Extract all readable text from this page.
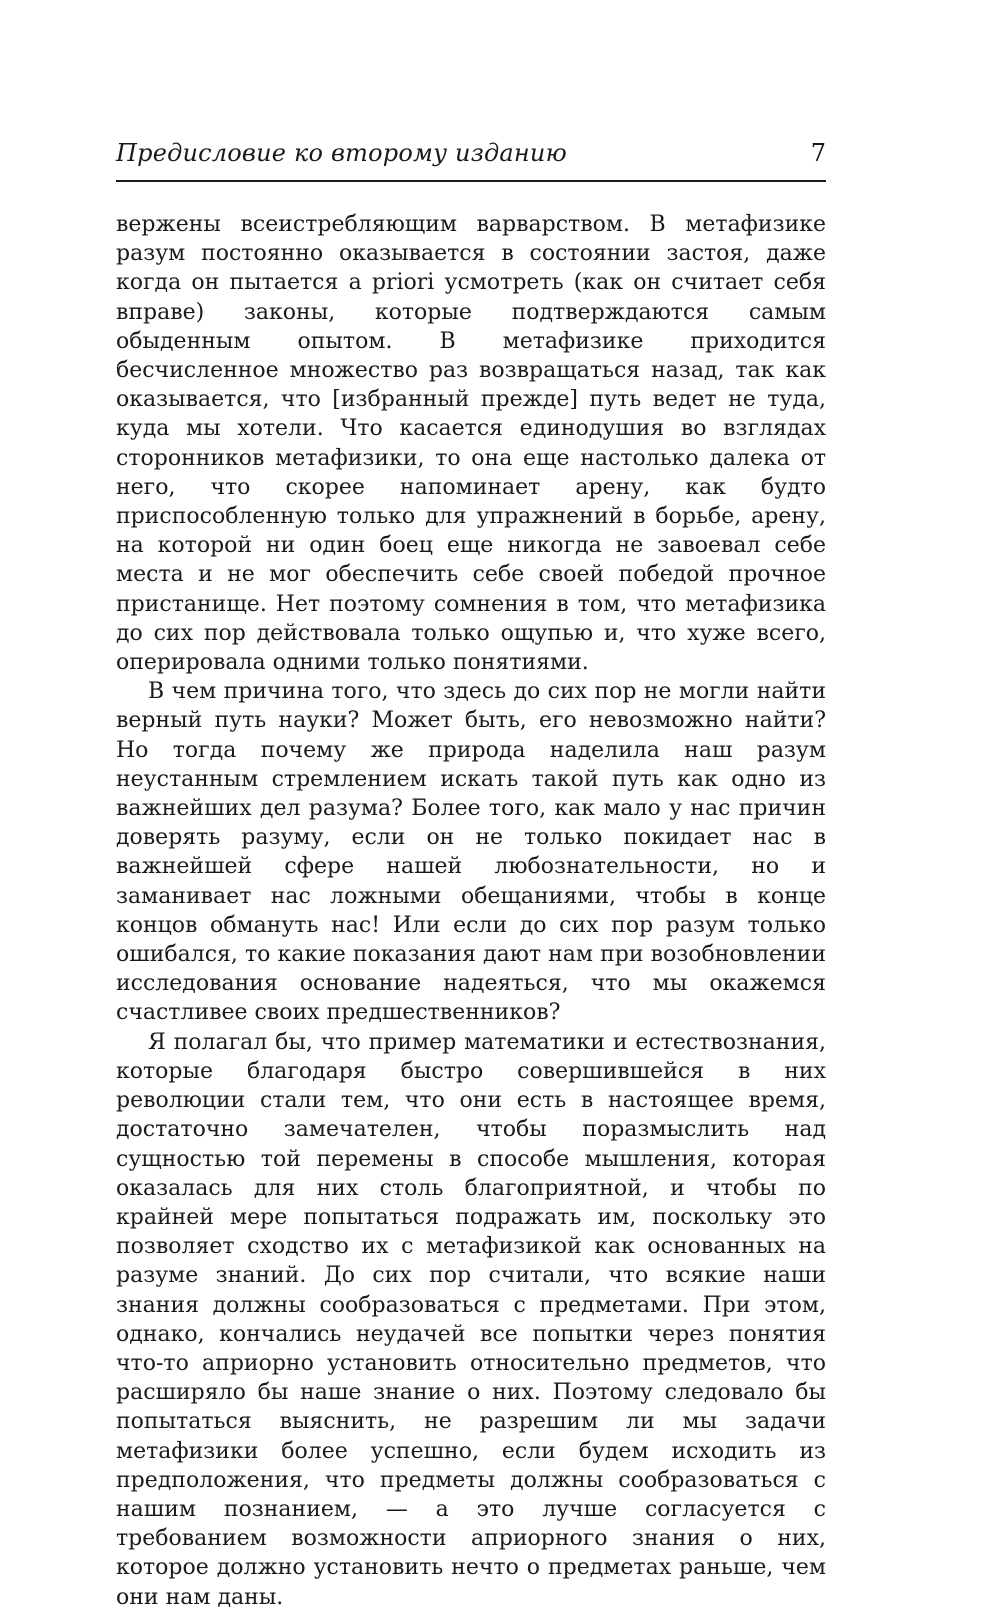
Предисловие ко второму изданию	7

вержены всеистребляющим варварством. В метафизике разум постоянно оказывается в состоянии застоя, даже когда он пытается a priori усмотреть (как он считает себя вправе) законы, которые подтверждаются самым обыденным опытом. В метафизике приходится бесчисленное множество раз возвращаться назад, так как оказывается, что [избранный прежде] путь ведет не туда, куда мы хотели. Что касается единодушия во взглядах сторонников метафизики, то она еще настолько далека от него, что скорее напоминает арену, как будто приспособленную только для упражнений в борьбе, арену, на которой ни один боец еще никогда не завоевал себе места и не мог обеспечить себе своей победой прочное пристанище. Нет поэтому сомнения в том, что метафизика до сих пор действовала только ощупью и, что хуже всего, оперировала одними только понятиями.

В чем причина того, что здесь до сих пор не могли найти верный путь науки? Может быть, его невозможно найти? Но тогда почему же природа наделила наш разум неустанным стремлением искать такой путь как одно из важнейших дел разума? Более того, как мало у нас причин доверять разуму, если он не только покидает нас в важнейшей сфере нашей любознательности, но и заманивает нас ложными обещаниями, чтобы в конце концов обмануть нас! Или если до сих пор разум только ошибался, то какие показания дают нам при возобновлении исследования основание надеяться, что мы окажемся счастливее своих предшественников?

Я полагал бы, что пример математики и естествознания, которые благодаря быстро совершившейся в них революции стали тем, что они есть в настоящее время, достаточно замечателен, чтобы поразмыслить над сущностью той перемены в способе мышления, которая оказалась для них столь благоприятной, и чтобы по крайней мере попытаться подражать им, поскольку это позволяет сходство их с метафизикой как основанных на разуме знаний. До сих пор считали, что всякие наши знания должны сообразоваться с предметами. При этом, однако, кончались неудачей все попытки через понятия что-то априорно установить относительно предметов, что расширяло бы наше знание о них. Поэтому следовало бы попытаться выяснить, не разрешим ли мы задачи метафизики более успешно, если будем исходить из предположения, что предметы должны сообразоваться с нашим познанием, — а это лучше согласуется с требованием возможности априорного знания о них, которое должно установить нечто о предметах раньше, чем они нам даны.
